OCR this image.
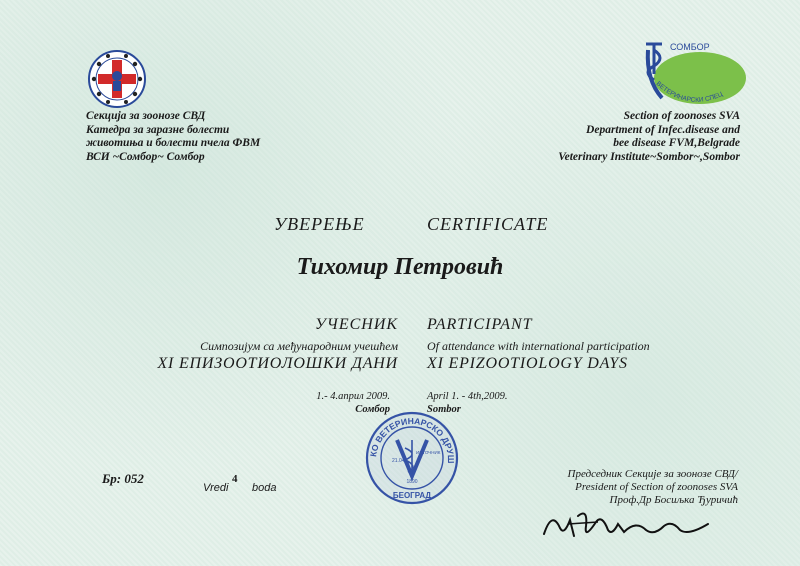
СОМБОР
ВЕТЕРИНАРСКИ СПЕЦ
Секција за зоонозе СВД
Катедра за заразне болести
животиња и болести пчела ФВМ
ВСИ ~Сомбор~ Сомбор
Section of zoonoses SVA
Department of Infec.disease and
bee disease FVM,Belgrade
Veterinary Institute~Sombor~,Sombor
УВЕРЕЊЕ	CERTIFICATE
Тихомир Петровић
УЧЕСНИК PARTICIPANT
Симпозијум са међународним учешћем Of attendance with international participation
XI ЕПИЗООТИОЛОШКИ ДАНИ XI EPIZOOTIOLOGY DAYS
1.- 4.април 2009.	April 1. - 4th,2009.
Сомбор	Sombor
КО ВЕТЕРИНАРСКО ДРУШ
БЕОГРАД
21.04
ИСТОЧНИК
1890
Бр: 052
Vredi
4
boda
Председник Секције за зоонозе СВД/
President of Section of zoonoses SVA
Проф.Др Босиљка Ђуричић
